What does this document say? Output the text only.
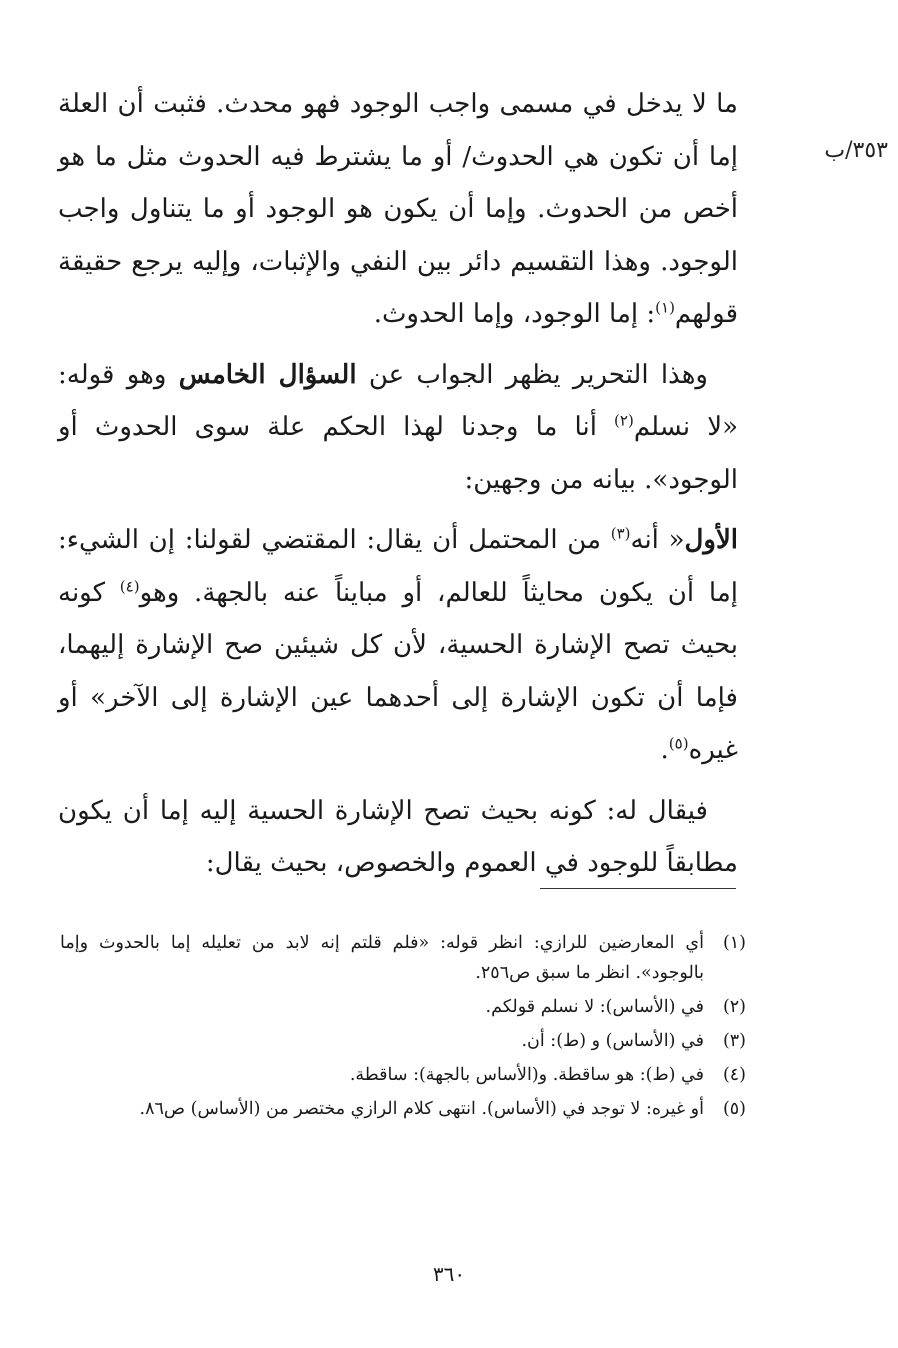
٣٥٣/ب

ما لا يدخل في مسمى واجب الوجود فهو محدث. فثبت أن العلة إما أن تكون هي الحدوث/ أو ما يشترط فيه الحدوث مثل ما هو أخص من الحدوث. وإما أن يكون هو الوجود أو ما يتناول واجب الوجود. وهذا التقسيم دائر بين النفي والإثبات، وإليه يرجع حقيقة قولهم$^{(١)}$: إما الوجود، وإما الحدوث.

وهذا التحرير يظهر الجواب عن السؤال الخامس وهو قوله: «لا نسلم$^{(٢)}$ أنا ما وجدنا لهذا الحكم علة سوى الحدوث أو الوجود». بيانه من وجهين:

الأول« أنه$^{(٣)}$ من المحتمل أن يقال: المقتضي لقولنا: إن الشيء: إما أن يكون محايثاً للعالم، أو مبايناً عنه بالجهة. وهو$^{(٤)}$ كونه بحيث تصح الإشارة الحسية، لأن كل شيئين صح الإشارة إليهما، فإما أن تكون الإشارة إلى أحدهما عين الإشارة إلى الآخر» أو غيره$^{(٥)}$.

فيقال له: كونه بحيث تصح الإشارة الحسية إليه إما أن يكون مطابقاً للوجود في العموم والخصوص، بحيث يقال:

(١)
أي المعارضين للرازي: انظر قوله: «فلم قلتم إنه لابد من تعليله إما بالحدوث وإما بالوجود». انظر ما سبق ص٢٥٦.
(٢)
في (الأساس): لا نسلم قولكم.
(٣)
في (الأساس) و (ط): أن.
(٤)
في (ط): هو ساقطة. و(الأساس بالجهة): ساقطة.
(٥)
أو غيره: لا توجد في (الأساس). انتهى كلام الرازي مختصر من (الأساس) ص٨٦.
٣٦٠
